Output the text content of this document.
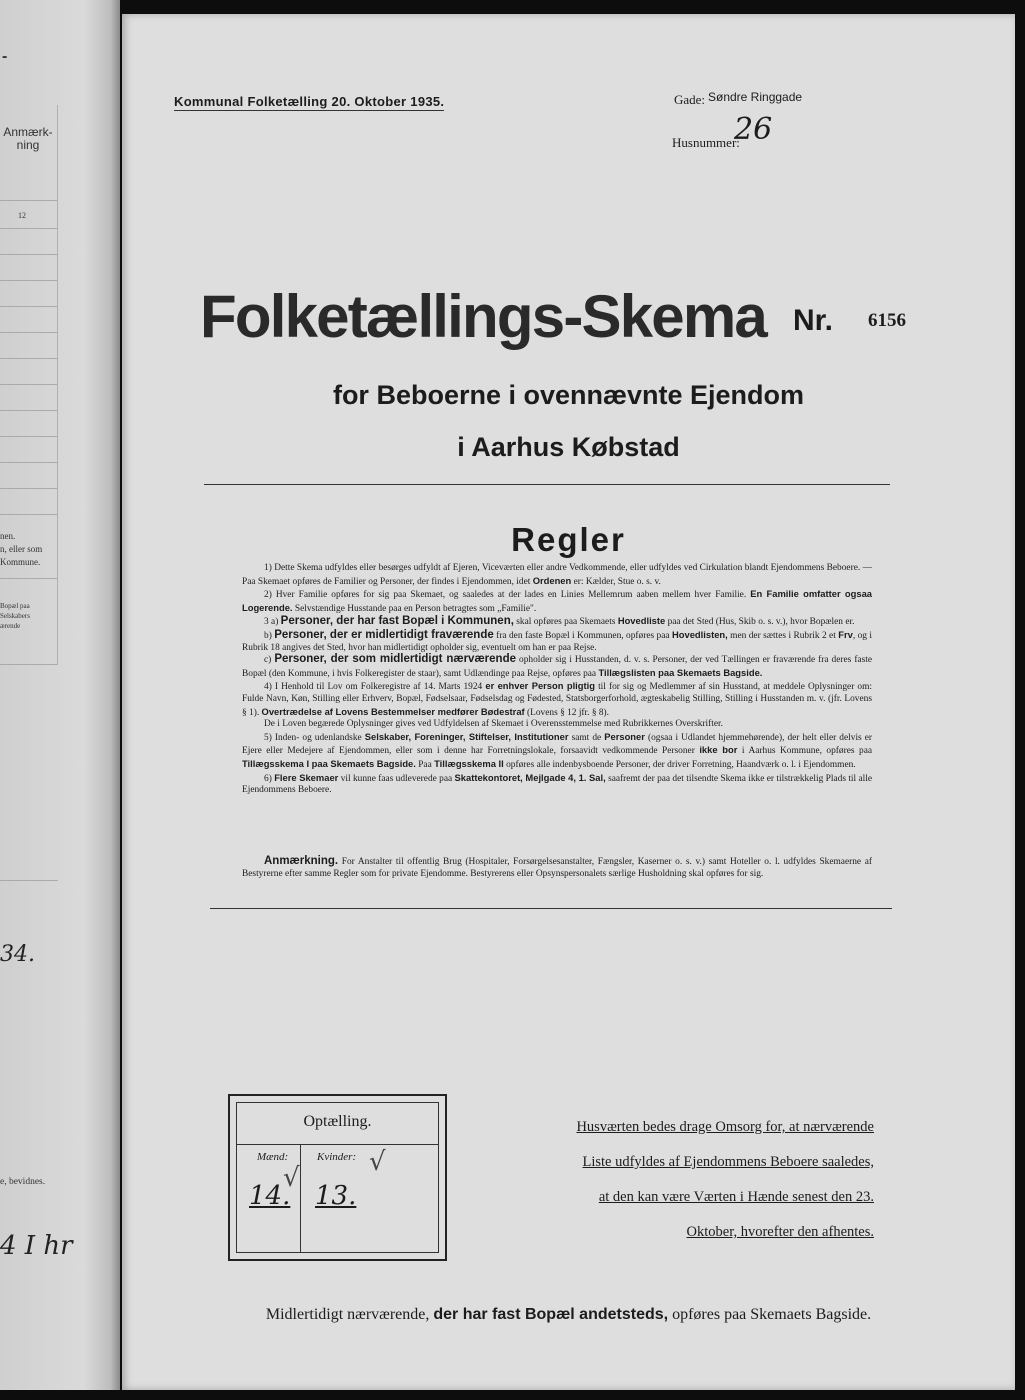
-
Anmærk-
ning
12
nen.
n, eller som
Kommune.
Bopæl paa
Selskabers
ærende
34.
e, bevidnes.
4 I hr
Kommunal Folketælling 20. Oktober 1935.	Gade: Søndre Ringgade
Husnummer:
26
Folketællings-Skema Nr. 6156
for Beboerne i ovennævnte Ejendom
i Aarhus Købstad
Regler

1) Dette Skema udfyldes eller besørges udfyldt af Ejeren, Viceværten eller andre Vedkommende, eller udfyldes ved Cirkulation blandt Ejendommens Beboere. — Paa Skemaet opføres de Familier og Personer, der findes i Ejendommen, idet Ordenen er: Kælder, Stue o. s. v.

2) Hver Familie opføres for sig paa Skemaet, og saaledes at der lades en Linies Mellemrum aaben mellem hver Familie. En Familie omfatter ogsaa Logerende. Selvstændige Husstande paa en Person betragtes som „Familie".

3 a) Personer, der har fast Bopæl i Kommunen, skal opføres paa Skemaets Hovedliste paa det Sted (Hus, Skib o. s. v.), hvor Bopælen er.

b) Personer, der er midlertidigt fraværende fra den faste Bopæl i Kommunen, opføres paa Hovedlisten, men der sættes i Rubrik 2 et Frv, og i Rubrik 18 angives det Sted, hvor han midlertidigt opholder sig, eventuelt om han er paa Rejse.

c) Personer, der som midlertidigt nærværende opholder sig i Husstanden, d. v. s. Personer, der ved Tællingen er fraværende fra deres faste Bopæl (den Kommune, i hvis Folkeregister de staar), samt Udlændinge paa Rejse, opføres paa Tillægslisten paa Skemaets Bagside.

4) I Henhold til Lov om Folkeregistre af 14. Marts 1924 er enhver Person pligtig til for sig og Medlemmer af sin Husstand, at meddele Oplysninger om: Fulde Navn, Køn, Stilling eller Erhverv, Bopæl, Fødselsaar, Fødselsdag og Fødested, Statsborgerforhold, ægteskabelig Stilling, Stilling i Husstanden m. v. (jfr. Lovens § 1). Overtrædelse af Lovens Bestemmelser medfører Bødestraf (Lovens § 12 jfr. § 8).

De i Loven begærede Oplysninger gives ved Udfyldelsen af Skemaet i Overensstemmelse med Rubrikkernes Overskrifter.

5) Inden- og udenlandske Selskaber, Foreninger, Stiftelser, Institutioner samt de Personer (ogsaa i Udlandet hjemmehørende), der helt eller delvis er Ejere eller Medejere af Ejendommen, eller som i denne har Forretningslokale, forsaavidt vedkommende Personer ikke bor i Aarhus Kommune, opføres paa Tillægsskema I paa Skemaets Bagside. Paa Tillægsskema II opføres alle indenbysboende Personer, der driver Forretning, Haandværk o. l. i Ejendommen.

6) Flere Skemaer vil kunne faas udleverede paa Skattekontoret, Mejlgade 4, 1. Sal, saafremt der paa det tilsendte Skema ikke er tilstrækkelig Plads til alle Ejendommens Beboere.

Anmærkning. For Anstalter til offentlig Brug (Hospitaler, Forsørgelsesanstalter, Fængsler, Kaserner o. s. v.) samt Hoteller o. l. udfyldes Skemaerne af Bestyrerne efter samme Regler som for private Ejendomme. Bestyrerens eller Opsynspersonalets særlige Husholdning skal opføres for sig.

Optælling.
Mænd:	Kvinder:
14. 13.
√
√
Husværten bedes drage Omsorg for, at nærværende
Liste udfyldes af Ejendommens Beboere saaledes,
at den kan være Værten i Hænde senest den 23.
Oktober, hvorefter den afhentes.
Midlertidigt nærværende, der har fast Bopæl andetsteds, opføres paa Skemaets Bagside.
